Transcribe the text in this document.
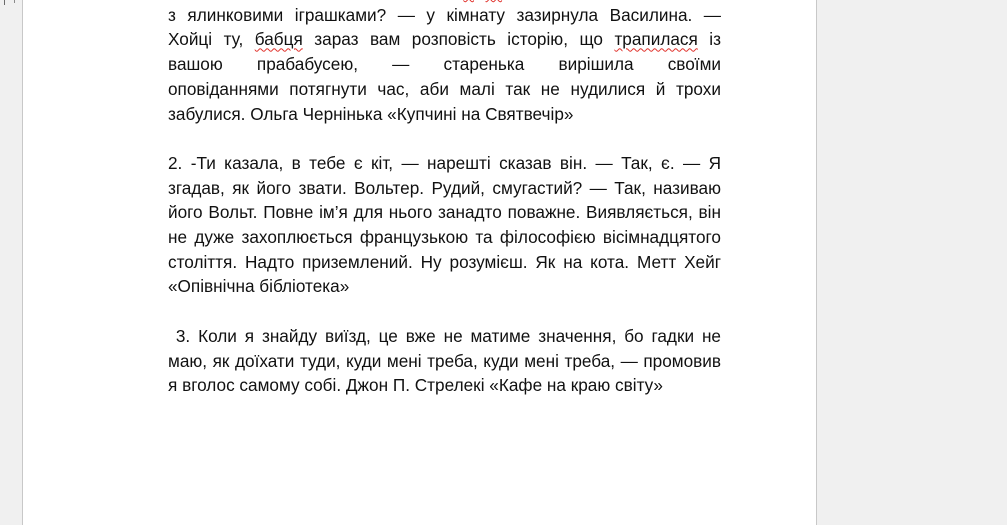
з ялинковими іграшками? — у кімнату зазирнула Василина. —
Хойці ту, бабця зараз вам розповість історію, що трапилася із
вашою прабабусею, — старенька вирішила своїми
оповіданнями потягнути час, аби малі так не нудилися й трохи
забулися. Ольга Чернінька «Купчині на Святвечір»

2. -Ти казала, в тебе є кіт, — нарешті сказав він. — Так, є. — Я згадав, як його звати. Вольтер. Рудий, смугастий? — Так, називаю його Вольт. Повне ім’я для нього занадто поважне. Виявляється, він не дуже захоплюється французькою та філософією вісімнадцятого століття. Надто приземлений. Ну розумієш. Як на кота. Метт Хейг «Опівнічна бібліотека»

3. Коли я знайду виїзд, це вже не матиме значення, бо гадки не маю, як доїхати туди, куди мені треба, куди мені треба, — промовив я вголос самому собі. Джон П. Стрелекі «Кафе на краю світу»
